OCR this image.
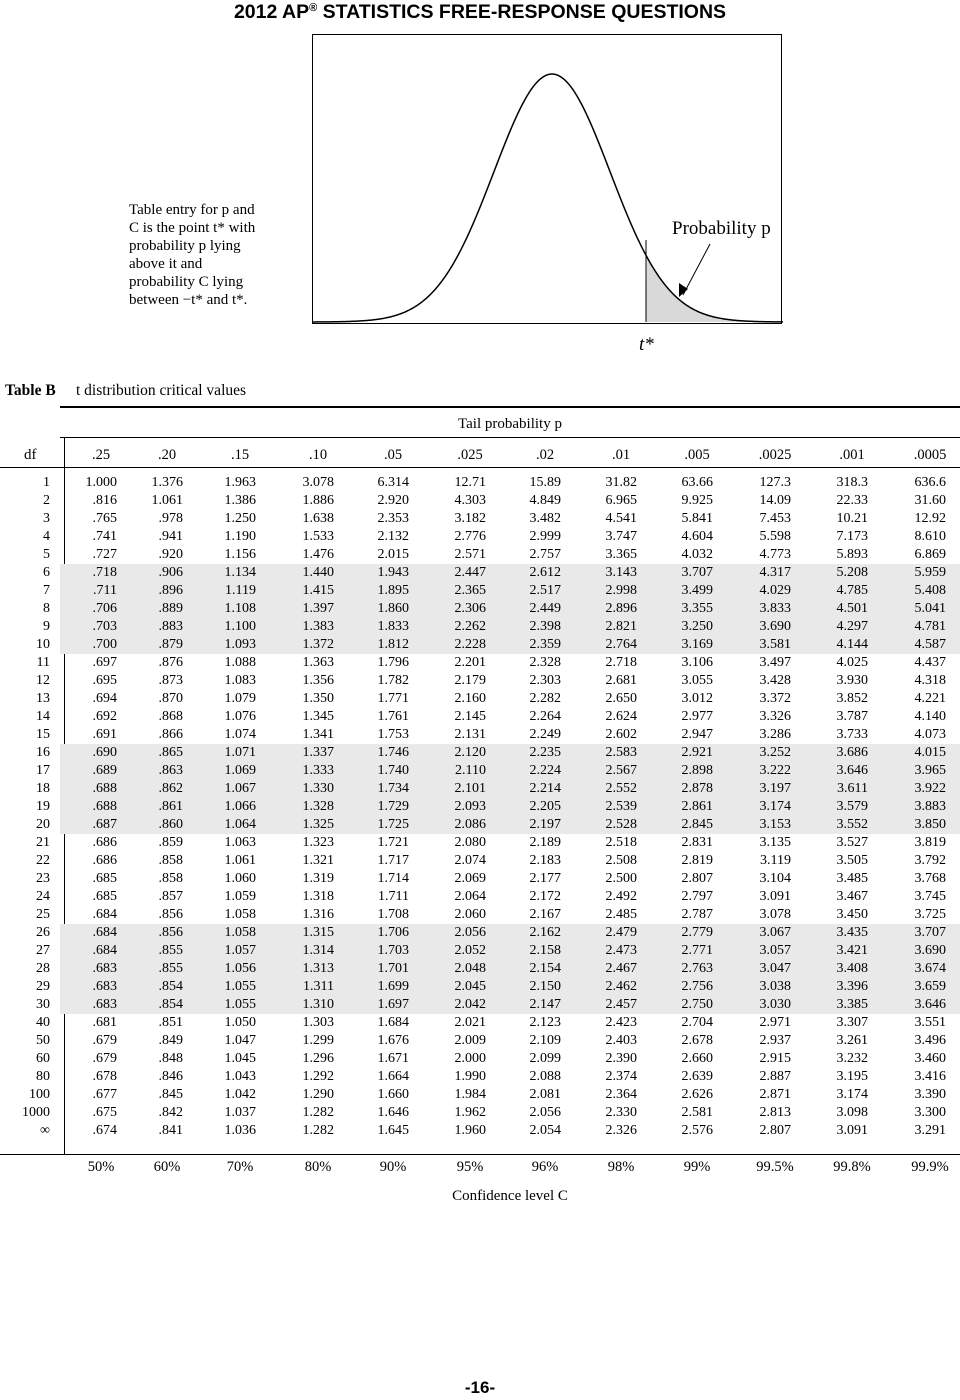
2012 AP® STATISTICS FREE-RESPONSE QUESTIONS
Table entry for p and
C is the point t* with
probability p lying
above it and
probability C lying
between −t* and t*.
Probability p
t*
Table B t distribution critical values
Tail probability p
df	.25	.20	.15	.10	.05	.025	.02	.01	.005	.0025	.001	.0005
1	1.000	1.376	1.963	3.078	6.314	12.71	15.89	31.82	63.66	127.3	318.3	636.6
2	.816	1.061	1.386	1.886	2.920	4.303	4.849	6.965	9.925	14.09	22.33	31.60
3	.765	.978	1.250	1.638	2.353	3.182	3.482	4.541	5.841	7.453	10.21	12.92
4	.741	.941	1.190	1.533	2.132	2.776	2.999	3.747	4.604	5.598	7.173	8.610
5	.727	.920	1.156	1.476	2.015	2.571	2.757	3.365	4.032	4.773	5.893	6.869
6	.718	.906	1.134	1.440	1.943	2.447	2.612	3.143	3.707	4.317	5.208	5.959
7	.711	.896	1.119	1.415	1.895	2.365	2.517	2.998	3.499	4.029	4.785	5.408
8	.706	.889	1.108	1.397	1.860	2.306	2.449	2.896	3.355	3.833	4.501	5.041
9	.703	.883	1.100	1.383	1.833	2.262	2.398	2.821	3.250	3.690	4.297	4.781
10	.700	.879	1.093	1.372	1.812	2.228	2.359	2.764	3.169	3.581	4.144	4.587
11	.697	.876	1.088	1.363	1.796	2.201	2.328	2.718	3.106	3.497	4.025	4.437
12	.695	.873	1.083	1.356	1.782	2.179	2.303	2.681	3.055	3.428	3.930	4.318
13	.694	.870	1.079	1.350	1.771	2.160	2.282	2.650	3.012	3.372	3.852	4.221
14	.692	.868	1.076	1.345	1.761	2.145	2.264	2.624	2.977	3.326	3.787	4.140
15	.691	.866	1.074	1.341	1.753	2.131	2.249	2.602	2.947	3.286	3.733	4.073
16	.690	.865	1.071	1.337	1.746	2.120	2.235	2.583	2.921	3.252	3.686	4.015
17	.689	.863	1.069	1.333	1.740	2.110	2.224	2.567	2.898	3.222	3.646	3.965
18	.688	.862	1.067	1.330	1.734	2.101	2.214	2.552	2.878	3.197	3.611	3.922
19	.688	.861	1.066	1.328	1.729	2.093	2.205	2.539	2.861	3.174	3.579	3.883
20	.687	.860	1.064	1.325	1.725	2.086	2.197	2.528	2.845	3.153	3.552	3.850
21	.686	.859	1.063	1.323	1.721	2.080	2.189	2.518	2.831	3.135	3.527	3.819
22	.686	.858	1.061	1.321	1.717	2.074	2.183	2.508	2.819	3.119	3.505	3.792
23	.685	.858	1.060	1.319	1.714	2.069	2.177	2.500	2.807	3.104	3.485	3.768
24	.685	.857	1.059	1.318	1.711	2.064	2.172	2.492	2.797	3.091	3.467	3.745
25	.684	.856	1.058	1.316	1.708	2.060	2.167	2.485	2.787	3.078	3.450	3.725
26	.684	.856	1.058	1.315	1.706	2.056	2.162	2.479	2.779	3.067	3.435	3.707
27	.684	.855	1.057	1.314	1.703	2.052	2.158	2.473	2.771	3.057	3.421	3.690
28	.683	.855	1.056	1.313	1.701	2.048	2.154	2.467	2.763	3.047	3.408	3.674
29	.683	.854	1.055	1.311	1.699	2.045	2.150	2.462	2.756	3.038	3.396	3.659
30	.683	.854	1.055	1.310	1.697	2.042	2.147	2.457	2.750	3.030	3.385	3.646
40	.681	.851	1.050	1.303	1.684	2.021	2.123	2.423	2.704	2.971	3.307	3.551
50	.679	.849	1.047	1.299	1.676	2.009	2.109	2.403	2.678	2.937	3.261	3.496
60	.679	.848	1.045	1.296	1.671	2.000	2.099	2.390	2.660	2.915	3.232	3.460
80	.678	.846	1.043	1.292	1.664	1.990	2.088	2.374	2.639	2.887	3.195	3.416
100	.677	.845	1.042	1.290	1.660	1.984	2.081	2.364	2.626	2.871	3.174	3.390
1000	.675	.842	1.037	1.282	1.646	1.962	2.056	2.330	2.581	2.813	3.098	3.300
∞	.674	.841	1.036	1.282	1.645	1.960	2.054	2.326	2.576	2.807	3.091	3.291
50%	60%	70%	80%	90%	95%	96%	98%	99%	99.5%	99.8%	99.9%
Confidence level C
-16-
